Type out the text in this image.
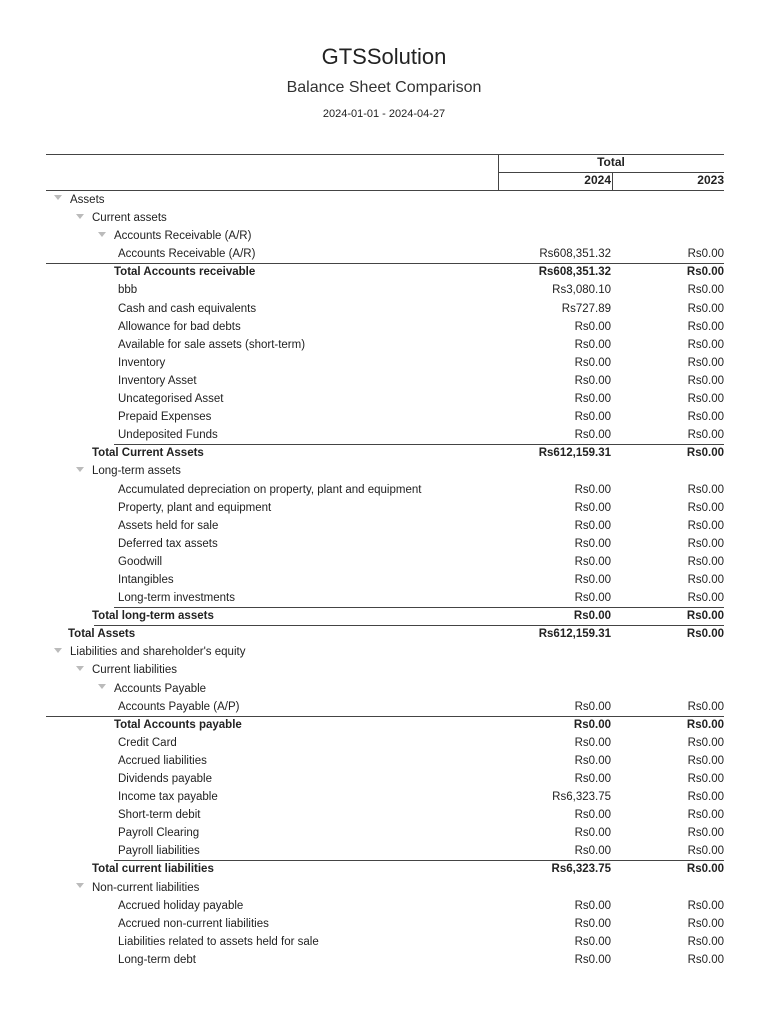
GTSSolution
Balance Sheet Comparison
2024-01-01 - 2024-04-27
Total
2024	2023
Assets
Current assets
Accounts Receivable (A/R)
Accounts Receivable (A/R)	Rs608,351.32	Rs0.00
Total Accounts receivable	Rs608,351.32	Rs0.00
bbb	Rs3,080.10	Rs0.00
Cash and cash equivalents	Rs727.89	Rs0.00
Allowance for bad debts	Rs0.00	Rs0.00
Available for sale assets (short-term)	Rs0.00	Rs0.00
Inventory	Rs0.00	Rs0.00
Inventory Asset	Rs0.00	Rs0.00
Uncategorised Asset	Rs0.00	Rs0.00
Prepaid Expenses	Rs0.00	Rs0.00
Undeposited Funds	Rs0.00	Rs0.00
Total Current Assets	Rs612,159.31	Rs0.00
Long-term assets
Accumulated depreciation on property, plant and equipment	Rs0.00	Rs0.00
Property, plant and equipment	Rs0.00	Rs0.00
Assets held for sale	Rs0.00	Rs0.00
Deferred tax assets	Rs0.00	Rs0.00
Goodwill	Rs0.00	Rs0.00
Intangibles	Rs0.00	Rs0.00
Long-term investments	Rs0.00	Rs0.00
Total long-term assets	Rs0.00	Rs0.00
Total Assets	Rs612,159.31	Rs0.00
Liabilities and shareholder's equity
Current liabilities
Accounts Payable
Accounts Payable (A/P)	Rs0.00	Rs0.00
Total Accounts payable	Rs0.00	Rs0.00
Credit Card	Rs0.00	Rs0.00
Accrued liabilities	Rs0.00	Rs0.00
Dividends payable	Rs0.00	Rs0.00
Income tax payable	Rs6,323.75	Rs0.00
Short-term debit	Rs0.00	Rs0.00
Payroll Clearing	Rs0.00	Rs0.00
Payroll liabilities	Rs0.00	Rs0.00
Total current liabilities	Rs6,323.75	Rs0.00
Non-current liabilities
Accrued holiday payable	Rs0.00	Rs0.00
Accrued non-current liabilities	Rs0.00	Rs0.00
Liabilities related to assets held for sale	Rs0.00	Rs0.00
Long-term debt	Rs0.00	Rs0.00
